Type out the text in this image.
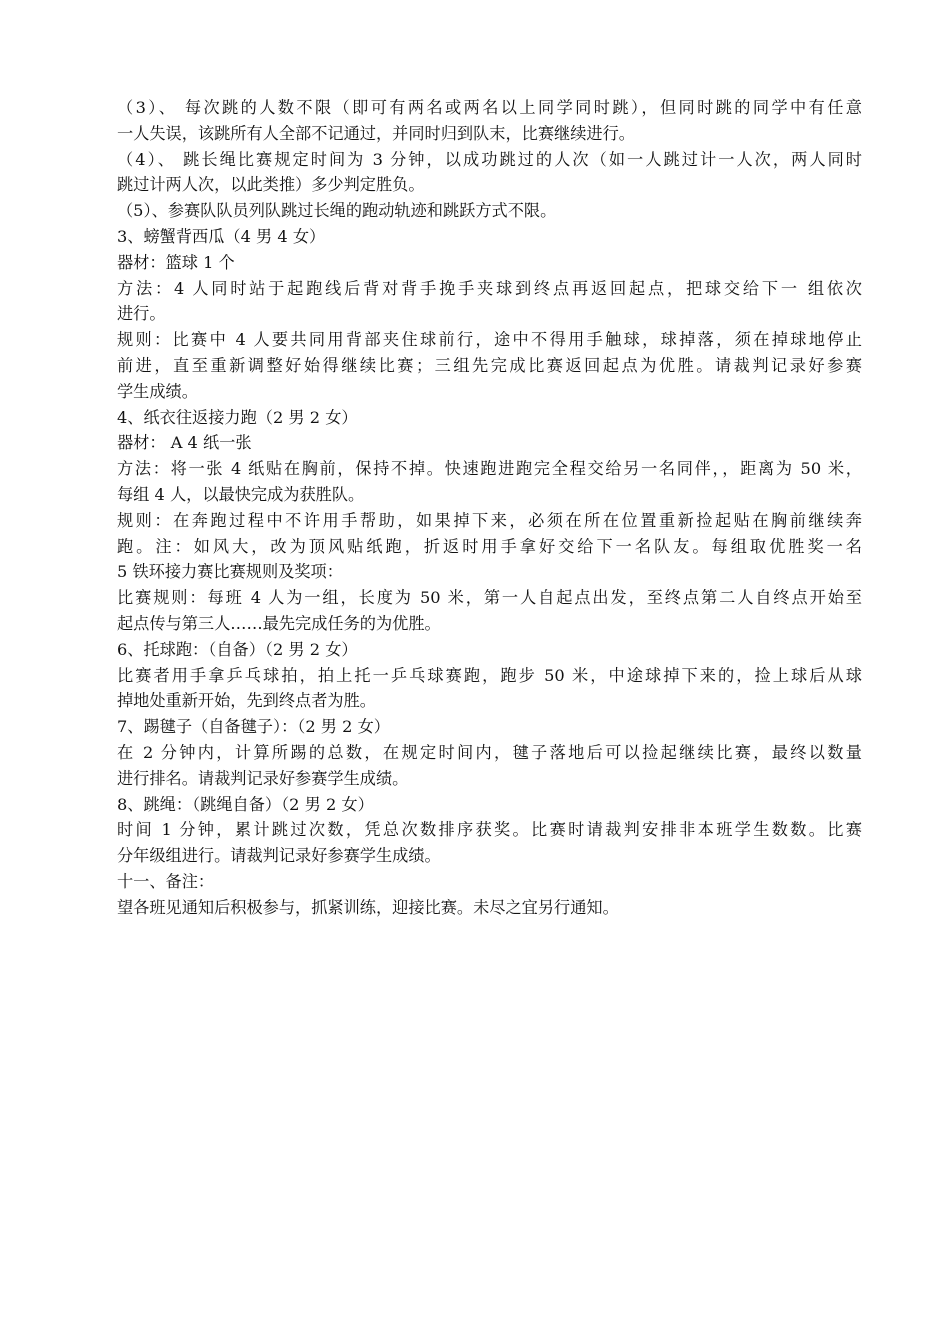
（3）、 每次跳的人数不限（即可有两名或两名以上同学同时跳），但同时跳的同学中有任意
一人失误，该跳所有人全部不记通过，并同时归到队末，比赛继续进行。
（4）、 跳长绳比赛规定时间为 3 分钟，以成功跳过的人次（如一人跳过计一人次，两人同时
跳过计两人次，以此类推）多少判定胜负。
（5）、参赛队队员列队跳过长绳的跑动轨迹和跳跃方式不限。
3、螃蟹背西瓜（4 男 4 女）
器材：篮球 1 个
方法：4 人同时站于起跑线后背对背手挽手夹球到终点再返回起点，把球交给下一 组依次
进行。
规则：比赛中 4 人要共同用背部夹住球前行，途中不得用手触球，球掉落，须在掉球地停止
前进，直至重新调整好始得继续比赛；三组先完成比赛返回起点为优胜。请裁判记录好参赛
学生成绩。
4、纸衣往返接力跑（2 男 2 女）
器材： A 4 纸一张
方法：将一张 4 纸贴在胸前，保持不掉。快速跑进跑完全程交给另一名同伴，，距离为 50 米，
每组 4 人，以最快完成为获胜队。
规则：在奔跑过程中不许用手帮助，如果掉下来，必须在所在位置重新捡起贴在胸前继续奔
跑。注：如风大，改为顶风贴纸跑，折返时用手拿好交给下一名队友。每组取优胜奖一名
5 铁环接力赛比赛规则及奖项：
比赛规则：每班 4 人为一组，长度为 50 米，第一人自起点出发，至终点第二人自终点开始至
起点传与第三人……最先完成任务的为优胜。
6、托球跑：（自备）（2 男 2 女）
比赛者用手拿乒乓球拍，拍上托一乒乓球赛跑，跑步 50 米，中途球掉下来的，捡上球后从球
掉地处重新开始，先到终点者为胜。
7、踢毽子（自备毽子）：（2 男 2 女）
在 2 分钟内，计算所踢的总数，在规定时间内，毽子落地后可以捡起继续比赛，最终以数量
进行排名。请裁判记录好参赛学生成绩。
8、跳绳：（跳绳自备）（2 男 2 女）
时间 1 分钟，累计跳过次数，凭总次数排序获奖。比赛时请裁判安排非本班学生数数。比赛
分年级组进行。请裁判记录好参赛学生成绩。
十一、备注：
望各班见通知后积极参与，抓紧训练，迎接比赛。未尽之宜另行通知。
